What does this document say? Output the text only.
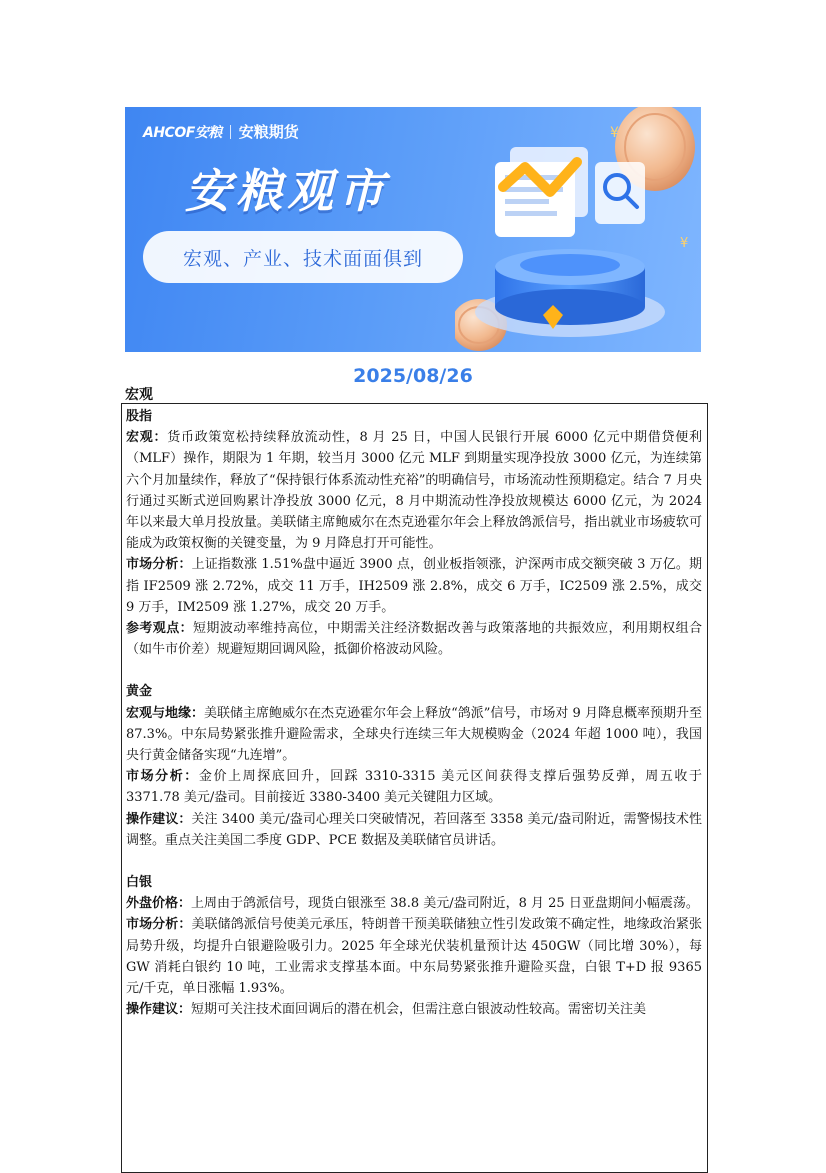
AHCOF安粮 安粮期货
安粮观市
宏观、产业、技术面面俱到
¥
¥
2025/08/26
宏观
股指

宏观：货币政策宽松持续释放流动性，8 月 25 日，中国人民银行开展 6000 亿元中期借贷便利（MLF）操作，期限为 1 年期，较当月 3000 亿元 MLF 到期量实现净投放 3000 亿元，为连续第六个月加量续作，释放了“保持银行体系流动性充裕”的明确信号，市场流动性预期稳定。结合 7 月央行通过买断式逆回购累计净投放 3000 亿元，8 月中期流动性净投放规模达 6000 亿元，为 2024 年以来最大单月投放量。美联储主席鲍威尔在杰克逊霍尔年会上释放鸽派信号，指出就业市场疲软可能成为政策权衡的关键变量，为 9 月降息打开可能性。

市场分析：上证指数涨 1.51%盘中逼近 3900 点，创业板指领涨，沪深两市成交额突破 3 万亿。期指 IF2509 涨 2.72%，成交 11 万手，IH2509 涨 2.8%，成交 6 万手，IC2509 涨 2.5%，成交 9 万手，IM2509 涨 1.27%，成交 20 万手。

参考观点：短期波动率维持高位，中期需关注经济数据改善与政策落地的共振效应，利用期权组合（如牛市价差）规避短期回调风险，抵御价格波动风险。

黄金

宏观与地缘：美联储主席鲍威尔在杰克逊霍尔年会上释放“鸽派”信号，市场对 9 月降息概率预期升至 87.3%。中东局势紧张推升避险需求，全球央行连续三年大规模购金（2024 年超 1000 吨），我国央行黄金储备实现“九连增”。

市场分析：金价上周探底回升，回踩 3310-3315 美元区间获得支撑后强势反弹，周五收于 3371.78 美元/盎司。目前接近 3380-3400 美元关键阻力区域。

操作建议：关注 3400 美元/盎司心理关口突破情况，若回落至 3358 美元/盎司附近，需警惕技术性调整。重点关注美国二季度 GDP、PCE 数据及美联储官员讲话。

白银

外盘价格：上周由于鸽派信号，现货白银涨至 38.8 美元/盎司附近，8 月 25 日亚盘期间小幅震荡。

市场分析：美联储鸽派信号使美元承压，特朗普干预美联储独立性引发政策不确定性，地缘政治紧张局势升级，均提升白银避险吸引力。2025 年全球光伏装机量预计达 450GW（同比增 30%），每 GW 消耗白银约 10 吨，工业需求支撑基本面。中东局势紧张推升避险买盘，白银 T+D 报 9365 元/千克，单日涨幅 1.93%。

操作建议：短期可关注技术面回调后的潜在机会，但需注意白银波动性较高。需密切关注美
